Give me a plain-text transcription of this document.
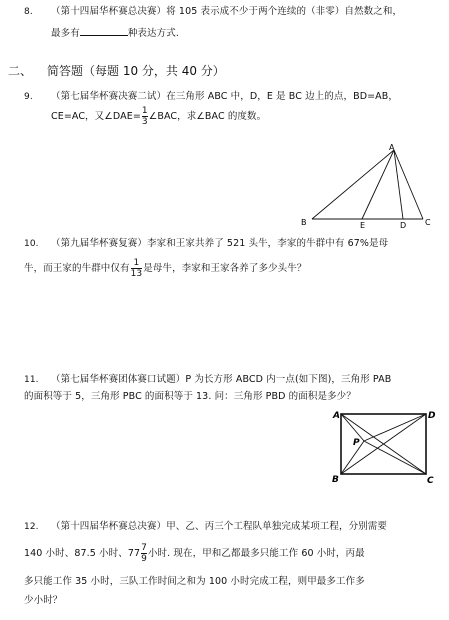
8. （第十四届华杯赛总决赛）将 105 表示成不少于两个连续的（非零）自然数之和，
最多有	种表达方式.
二、 简答题（每题 10 分，共 40 分）
9. （第七届华杯赛决赛二试）在三角形 ABC 中，D，E 是 BC 边上的点，BD=AB，
CE=AC，又∠DAE= $\frac{1}{3}$ ∠BAC，求∠BAC 的度数。
A
B	C
D
E
10. （第九届华杯赛复赛）李家和王家共养了 521 头牛，李家的牛群中有 67%是母
牛，而王家的牛群中仅有 $\frac{1}{13}$ 是母牛，李家和王家各养了多少头牛？
11. （第七届华杯赛团体赛口试题）P 为长方形 ABCD 内一点(如下图)，三角形 PAB
的面积等于 5，三角形 PBC 的面积等于 13. 问：三角形 PBD 的面积是多少？
A	D
B	C
P
12. （第十四届华杯赛总决赛）甲、乙、丙三个工程队单独完成某项工程，分别需要
140 小时、87.5 小时、 $77 \frac{7}{9}$ 小时. 现在，甲和乙都最多只能工作 60 小时，丙最
多只能工作 35 小时，三队工作时间之和为 100 小时完成工程，则甲最多工作多
少小时？
